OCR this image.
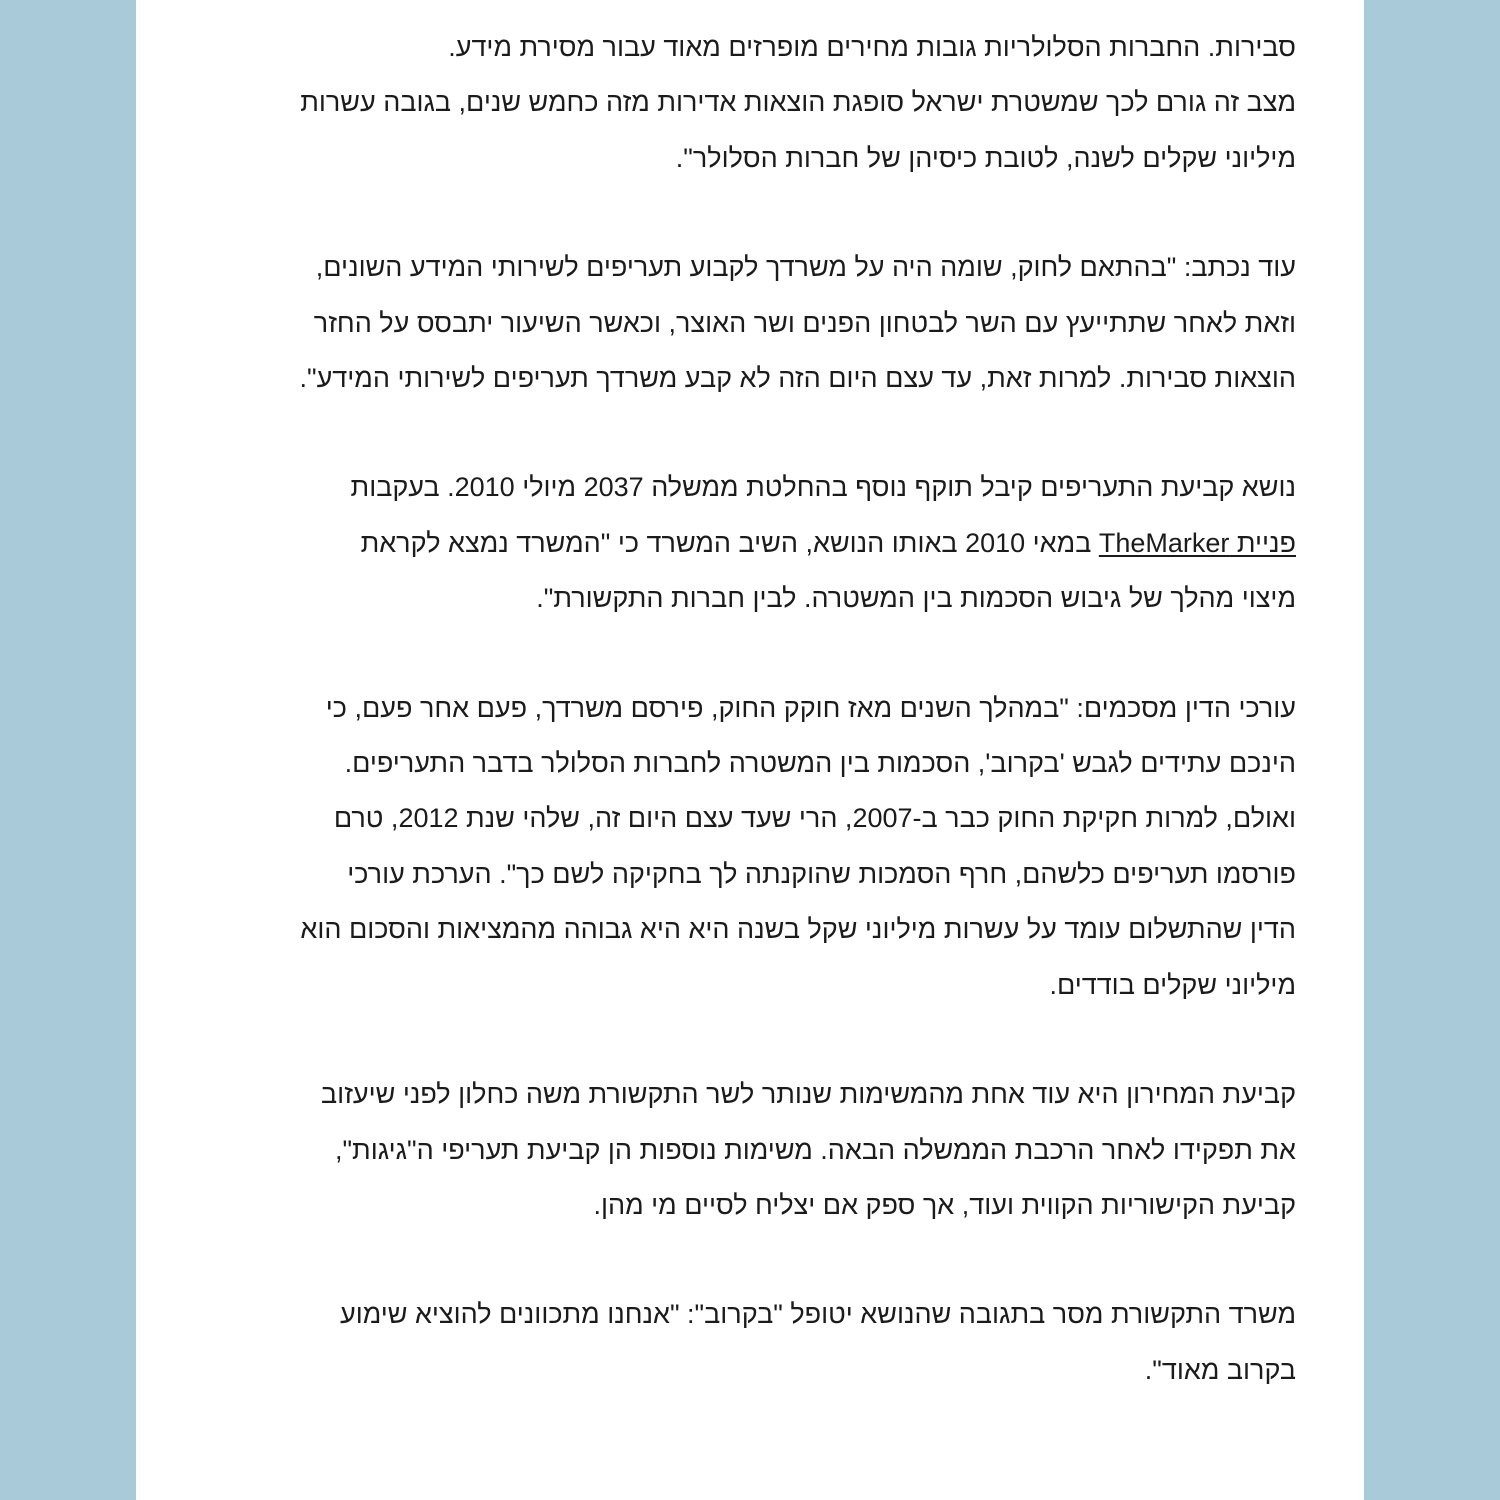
סבירות. החברות הסלולריות גובות מחירים מופרזים מאוד עבור מסירת מידע.
מצב זה גורם לכך שמשטרת ישראל סופגת הוצאות אדירות מזה כחמש שנים, בגובה עשרות
מיליוני שקלים לשנה, לטובת כיסיהן של חברות הסלולר".
עוד נכתב: "בהתאם לחוק, שומה היה על משרדך לקבוע תעריפים לשירותי המידע השונים,
וזאת לאחר שתתייעץ עם השר לבטחון הפנים ושר האוצר, וכאשר השיעור יתבסס על החזר
הוצאות סבירות. למרות זאת, עד עצם היום הזה לא קבע משרדך תעריפים לשירותי המידע".
נושא קביעת התעריפים קיבל תוקף נוסף בהחלטת ממשלה 2037 מיולי 2010. בעקבות
פניית TheMarker במאי 2010 באותו הנושא, השיב המשרד כי "המשרד נמצא לקראת
מיצוי מהלך של גיבוש הסכמות בין המשטרה. לבין חברות התקשורת".
עורכי הדין מסכמים: "במהלך השנים מאז חוקק החוק, פירסם משרדך, פעם אחר פעם, כי
הינכם עתידים לגבש 'בקרוב', הסכמות בין המשטרה לחברות הסלולר בדבר התעריפים.
ואולם, למרות חקיקת החוק כבר ב-2007, הרי שעד עצם היום זה, שלהי שנת 2012, טרם
פורסמו תעריפים כלשהם, חרף הסמכות שהוקנתה לך בחקיקה לשם כך". הערכת עורכי
הדין שהתשלום עומד על עשרות מיליוני שקל בשנה היא היא גבוהה מהמציאות והסכום הוא
מיליוני שקלים בודדים.
קביעת המחירון היא עוד אחת מהמשימות שנותר לשר התקשורת משה כחלון לפני שיעזוב
את תפקידו לאחר הרכבת הממשלה הבאה. משימות נוספות הן קביעת תעריפי ה"גיגות",
קביעת הקישוריות הקווית ועוד, אך ספק אם יצליח לסיים מי מהן.
משרד התקשורת מסר בתגובה שהנושא יטופל "בקרוב": "אנחנו מתכוונים להוציא שימוע
בקרוב מאוד".
